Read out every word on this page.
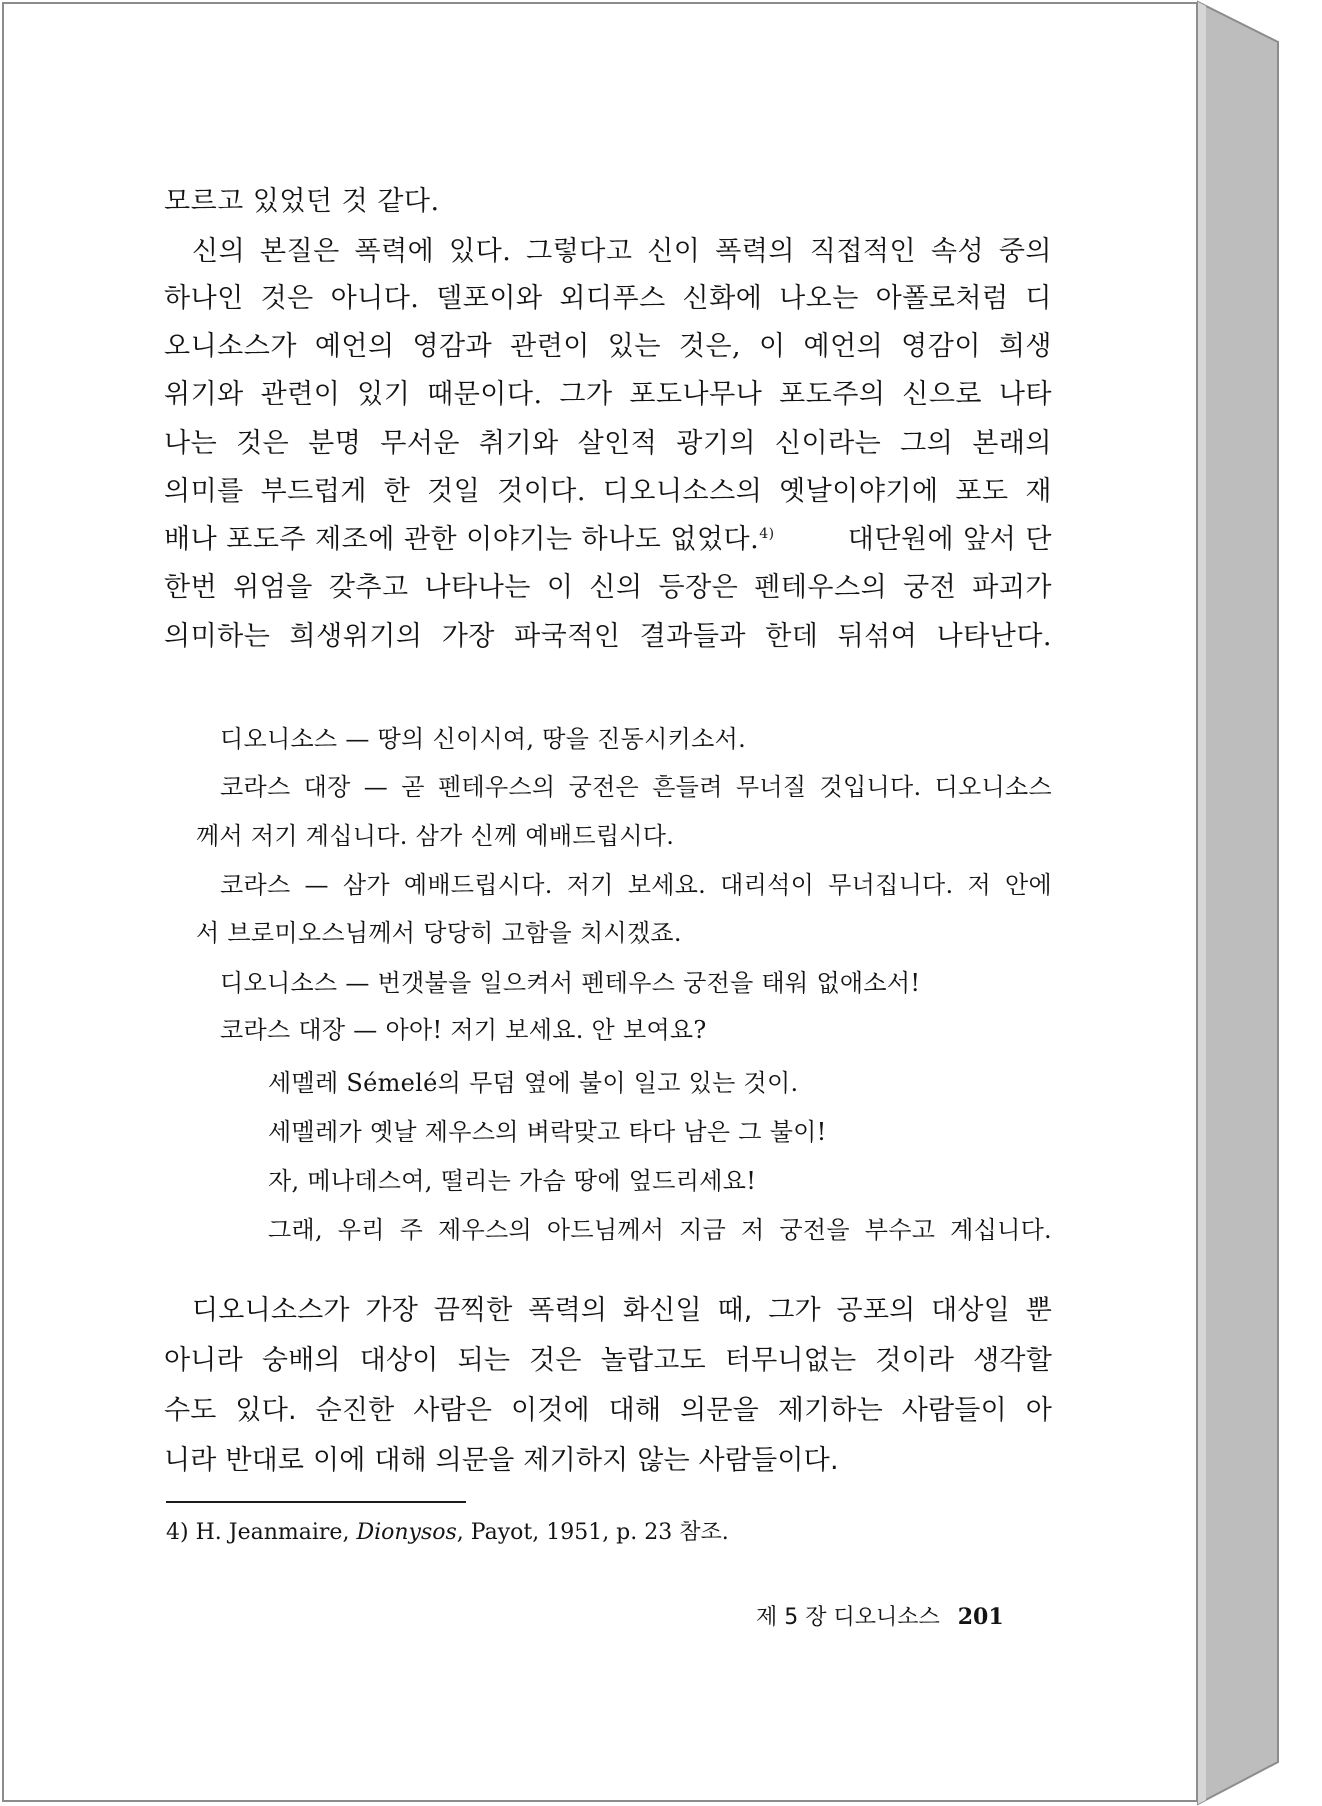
모르고 있었던 것 같다.
신의 본질은 폭력에 있다. 그렇다고 신이 폭력의 직접적인 속성 중의
하나인 것은 아니다. 델포이와 외디푸스 신화에 나오는 아폴로처럼 디
오니소스가 예언의 영감과 관련이 있는 것은, 이 예언의 영감이 희생
위기와 관련이 있기 때문이다. 그가 포도나무나 포도주의 신으로 나타
나는 것은 분명 무서운 취기와 살인적 광기의 신이라는 그의 본래의
의미를 부드럽게 한 것일 것이다. 디오니소스의 옛날이야기에 포도 재
배나 포도주 제조에 관한 이야기는 하나도 없었다.$^{4)}$	대단원에 앞서 단
한번 위엄을 갖추고 나타나는 이 신의 등장은 펜테우스의 궁전 파괴가
의미하는 희생위기의 가장 파국적인 결과들과 한데 뒤섞여 나타난다.
디오니소스 — 땅의 신이시여, 땅을 진동시키소서.
코라스 대장 — 곧 펜테우스의 궁전은 흔들려 무너질 것입니다. 디오니소스
께서 저기 계십니다. 삼가 신께 예배드립시다.
코라스 — 삼가 예배드립시다. 저기 보세요. 대리석이 무너집니다. 저 안에
서 브로미오스님께서 당당히 고함을 치시겠죠.
디오니소스 — 번갯불을 일으켜서 펜테우스 궁전을 태워 없애소서!
코라스 대장 — 아아! 저기 보세요. 안 보여요?
세멜레 Sémelé의 무덤 옆에 불이 일고 있는 것이.
세멜레가 옛날 제우스의 벼락맞고 타다 남은 그 불이!
자, 메나데스여, 떨리는 가슴 땅에 엎드리세요!
그래, 우리 주 제우스의 아드님께서 지금 저 궁전을 부수고 계십니다.
디오니소스가 가장 끔찍한 폭력의 화신일 때, 그가 공포의 대상일 뿐
아니라 숭배의 대상이 되는 것은 놀랍고도 터무니없는 것이라 생각할
수도 있다. 순진한 사람은 이것에 대해 의문을 제기하는 사람들이 아
니라 반대로 이에 대해 의문을 제기하지 않는 사람들이다.
4) H. Jeanmaire, Dionysos, Payot, 1951, p. 23 참조.
제 5 장 디오니소스 201
